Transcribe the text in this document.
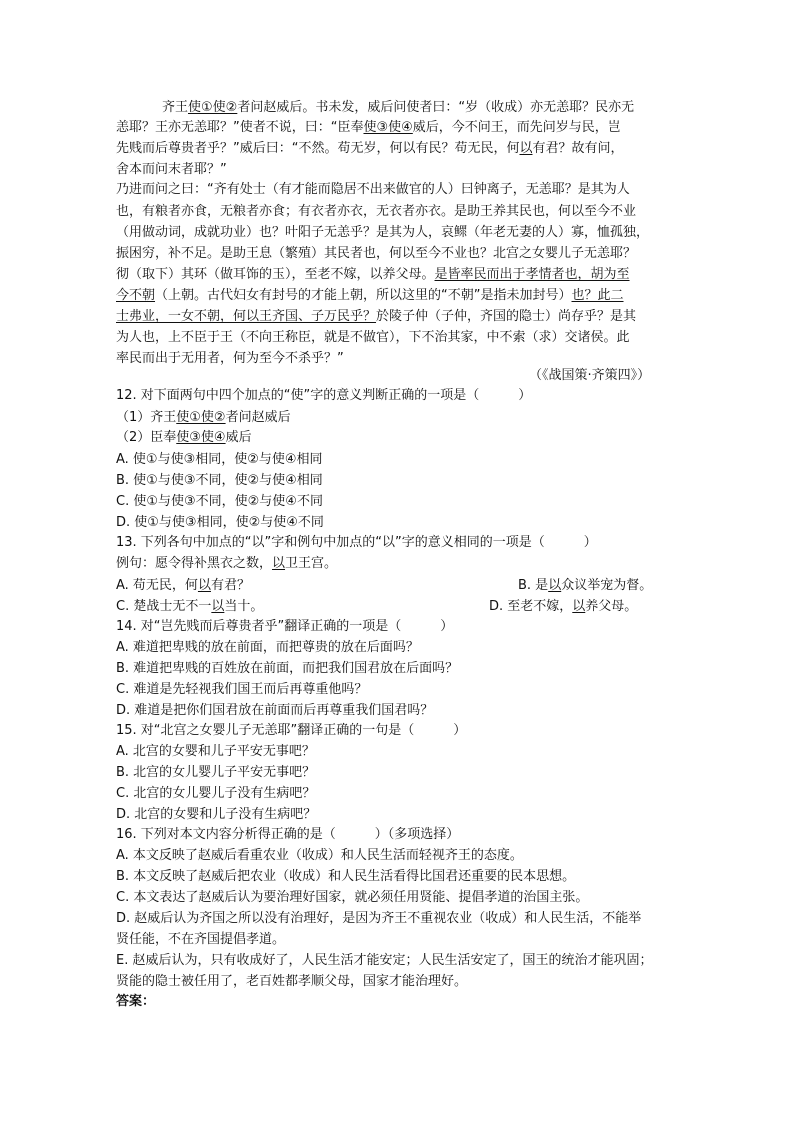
齐王使①使②者问赵威后。书未发，威后问使者曰：“岁（收成）亦无恙耶？民亦无
恙耶？王亦无恙耶？”使者不说，曰：“臣奉使③使④威后，今不问王，而先问岁与民，岂
先贱而后尊贵者乎？”威后曰：“不然。苟无岁，何以有民？苟无民，何以有君？故有问，
舍本而问末者耶？”
乃进而问之曰：“齐有处士（有才能而隐居不出来做官的人）曰钟离子，无恙耶？是其为人
也，有粮者亦食，无粮者亦食；有衣者亦衣，无衣者亦衣。是助王养其民也，何以至今不业
（用做动词，成就功业）也？叶阳子无恙乎？是其为人，哀鳏（年老无妻的人）寡，恤孤独，
振困穷，补不足。是助王息（繁殖）其民者也，何以至今不业也？北宫之女婴儿子无恙耶？
彻（取下）其环（做耳饰的玉），至老不嫁，以养父母。是皆率民而出于孝情者也，胡为至
今不朝（上朝。古代妇女有封号的才能上朝，所以这里的“不朝”是指未加封号）也？此二
士弗业，一女不朝，何以王齐国、子万民乎？於陵子仲（子仲，齐国的隐士）尚存乎？是其
为人也，上不臣于王（不向王称臣，就是不做官），下不治其家，中不索（求）交诸侯。此
率民而出于无用者，何为至今不杀乎？”
（《战国策·齐策四》）
12. 对下面两句中四个加点的“使”字的意义判断正确的一项是（　　　）
（1）齐王使①使②者问赵威后
（2）臣奉使③使④威后
A. 使①与使③相同，使②与使④相同
B. 使①与使③不同，使②与使④相同
C. 使①与使③不同，使②与使④不同
D. 使①与使③相同，使②与使④不同
13. 下列各句中加点的“以”字和例句中加点的“以”字的意义相同的一项是（　　　）
例句：愿令得补黑衣之数，以卫王宫。
A. 苟无民，何以有君？	B. 是以众议举宠为督。
C. 楚战士无不一以当十。	D. 至老不嫁，以养父母。
14. 对“岂先贱而后尊贵者乎”翻译正确的一项是（　　　）
A. 难道把卑贱的放在前面，而把尊贵的放在后面吗？
B. 难道把卑贱的百姓放在前面，而把我们国君放在后面吗？
C. 难道是先轻视我们国王而后再尊重他吗？
D. 难道是把你们国君放在前面而后再尊重我们国君吗？
15. 对“北宫之女婴儿子无恙耶”翻译正确的一句是（　　　）
A. 北宫的女婴和儿子平安无事吧？
B. 北宫的女儿婴儿子平安无事吧？
C. 北宫的女儿婴儿子没有生病吧？
D. 北宫的女婴和儿子没有生病吧？
16. 下列对本文内容分析得正确的是（　　　）（多项选择）
A. 本文反映了赵威后看重农业（收成）和人民生活而轻视齐王的态度。
B. 本文反映了赵威后把农业（收成）和人民生活看得比国君还重要的民本思想。
C. 本文表达了赵威后认为要治理好国家，就必须任用贤能、提倡孝道的治国主张。
D. 赵威后认为齐国之所以没有治理好，是因为齐王不重视农业（收成）和人民生活，不能举
贤任能，不在齐国提倡孝道。
E. 赵威后认为，只有收成好了，人民生活才能安定；人民生活安定了，国王的统治才能巩固；
贤能的隐士被任用了，老百姓都孝顺父母，国家才能治理好。
答案：
